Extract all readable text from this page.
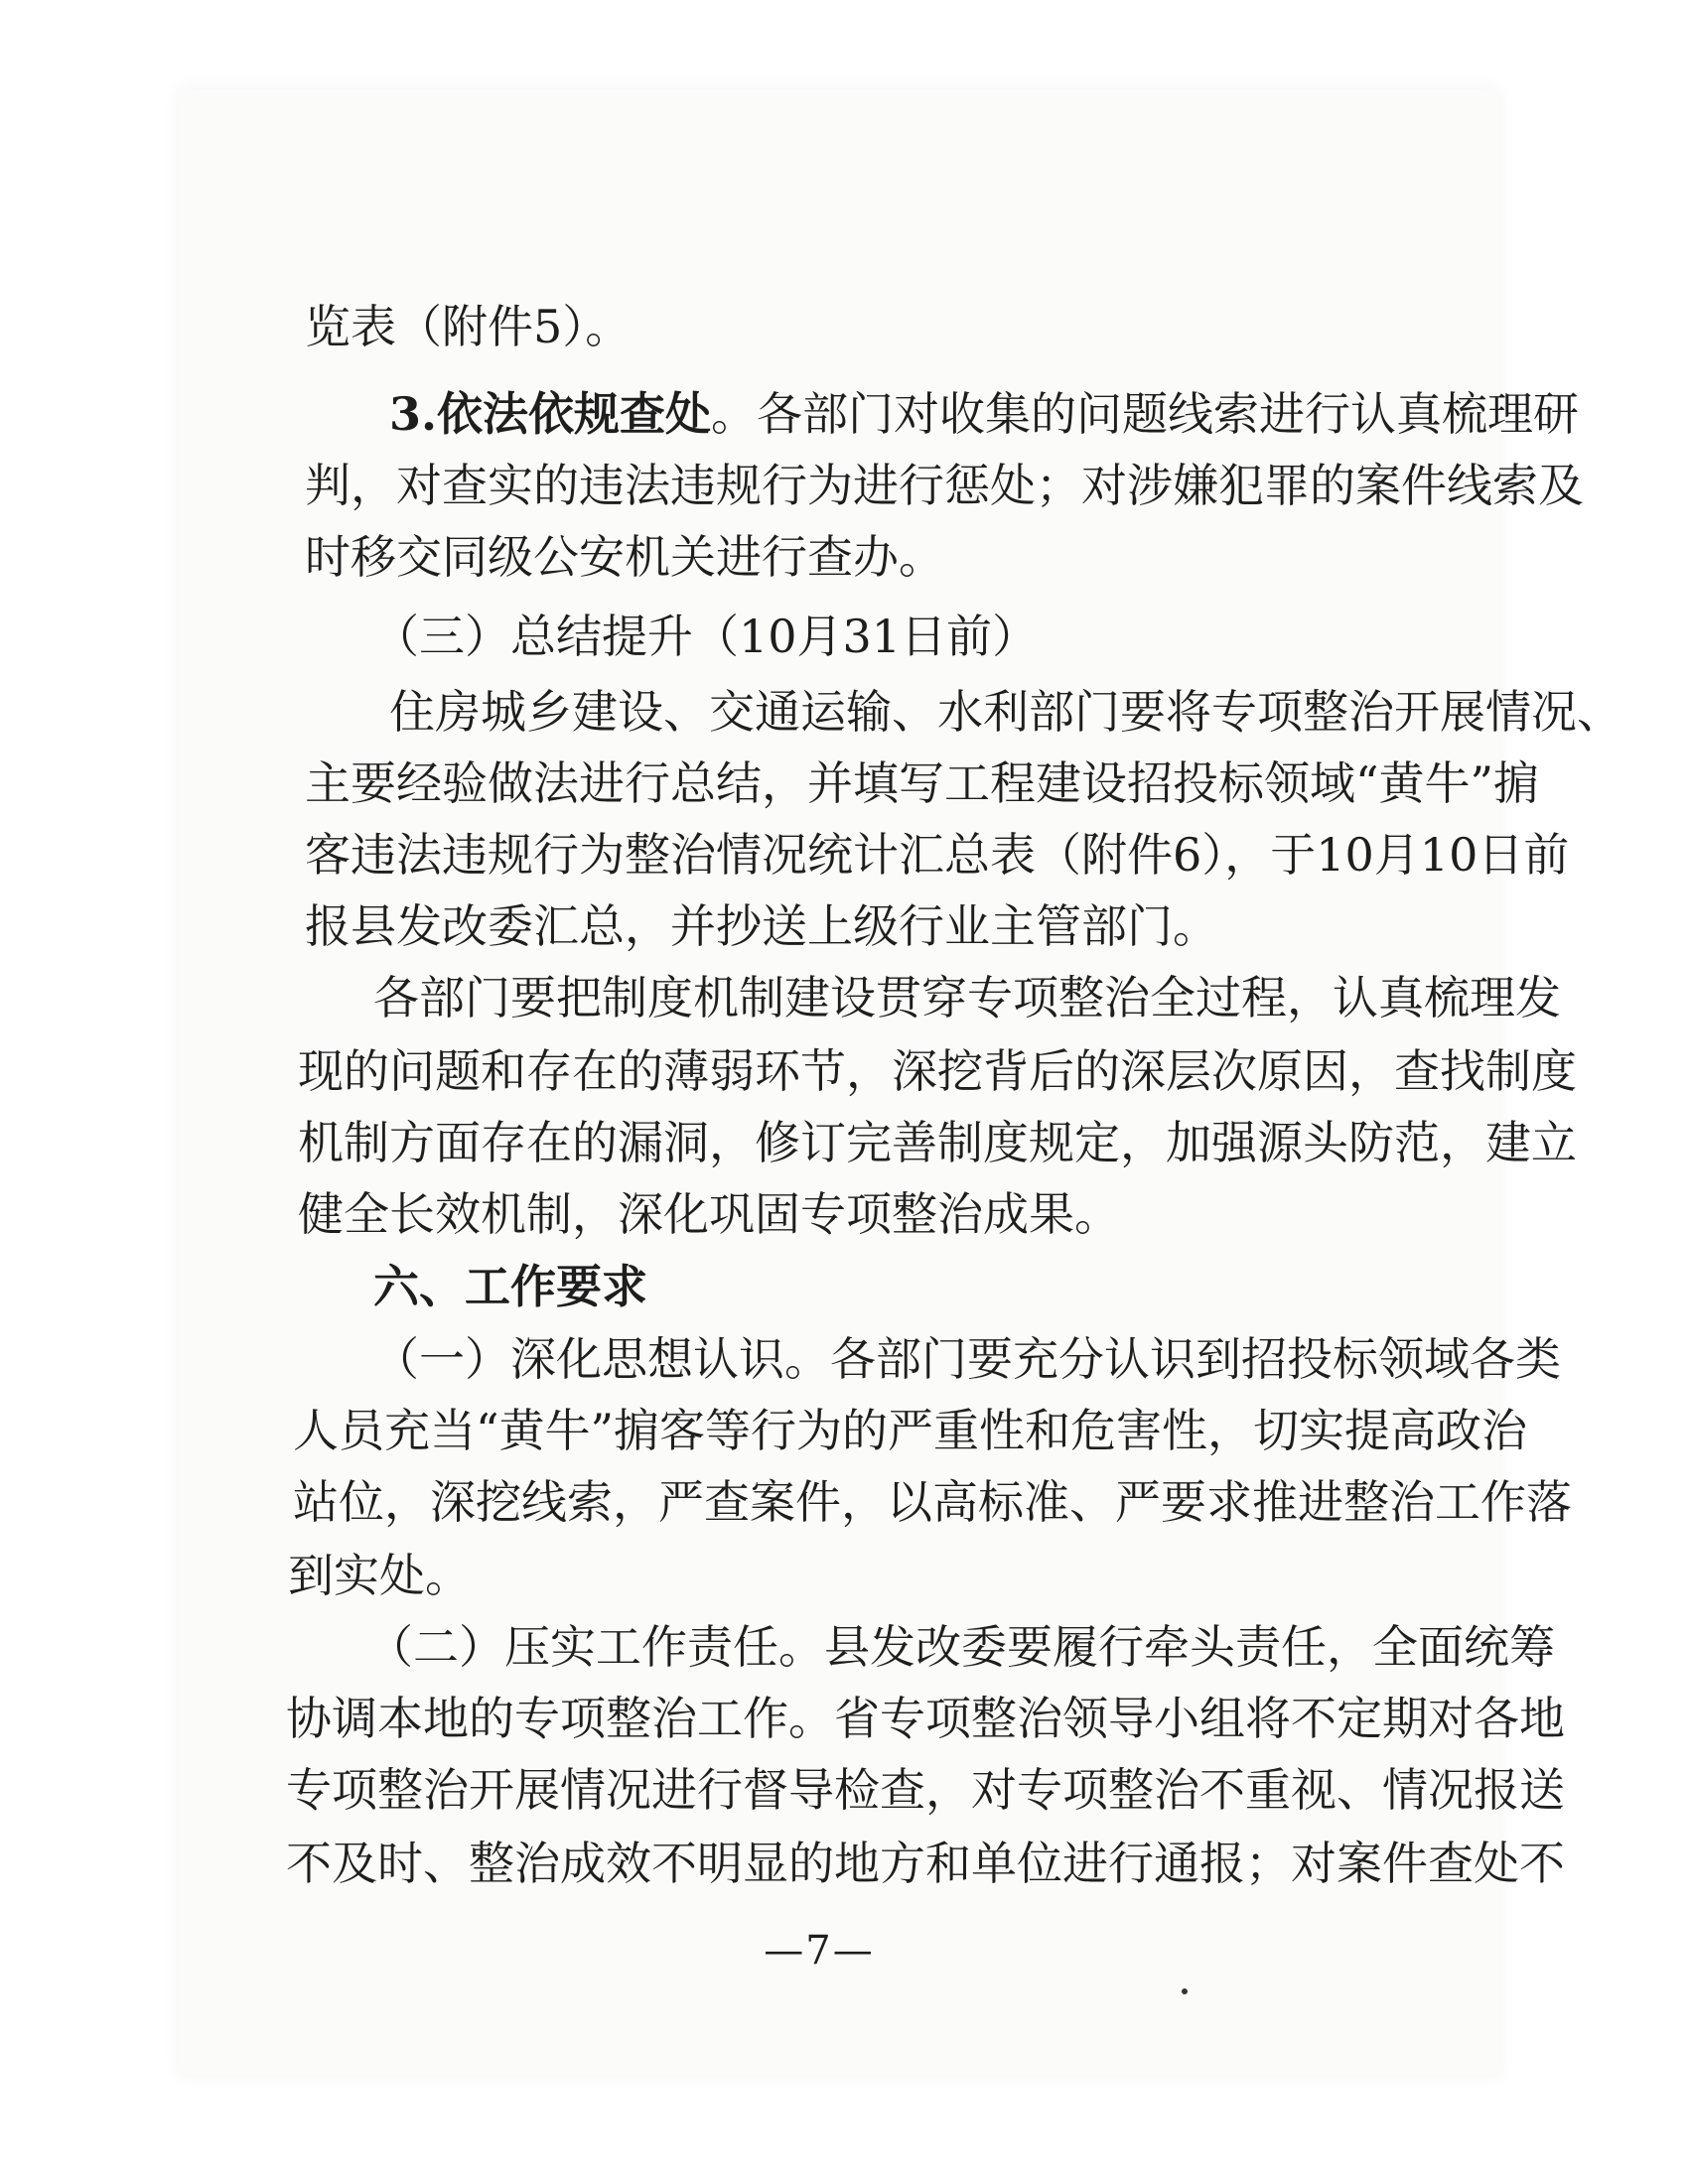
览表（附件5）。
3.依法依规查处。各部门对收集的问题线索进行认真梳理研
判，对查实的违法违规行为进行惩处；对涉嫌犯罪的案件线索及
时移交同级公安机关进行查办。
（三）总结提升（10月31日前）
住房城乡建设、交通运输、水利部门要将专项整治开展情况、
主要经验做法进行总结，并填写工程建设招投标领域“黄牛”掮
客违法违规行为整治情况统计汇总表（附件6），于10月10日前
报县发改委汇总，并抄送上级行业主管部门。
各部门要把制度机制建设贯穿专项整治全过程，认真梳理发
现的问题和存在的薄弱环节，深挖背后的深层次原因，查找制度
机制方面存在的漏洞，修订完善制度规定，加强源头防范，建立
健全长效机制，深化巩固专项整治成果。
六、工作要求
（一）深化思想认识。各部门要充分认识到招投标领域各类
人员充当“黄牛”掮客等行为的严重性和危害性，切实提高政治
站位，深挖线索，严查案件，以高标准、严要求推进整治工作落
到实处。
（二）压实工作责任。县发改委要履行牵头责任，全面统筹
协调本地的专项整治工作。省专项整治领导小组将不定期对各地
专项整治开展情况进行督导检查，对专项整治不重视、情况报送
不及时、整治成效不明显的地方和单位进行通报；对案件查处不
—7—
